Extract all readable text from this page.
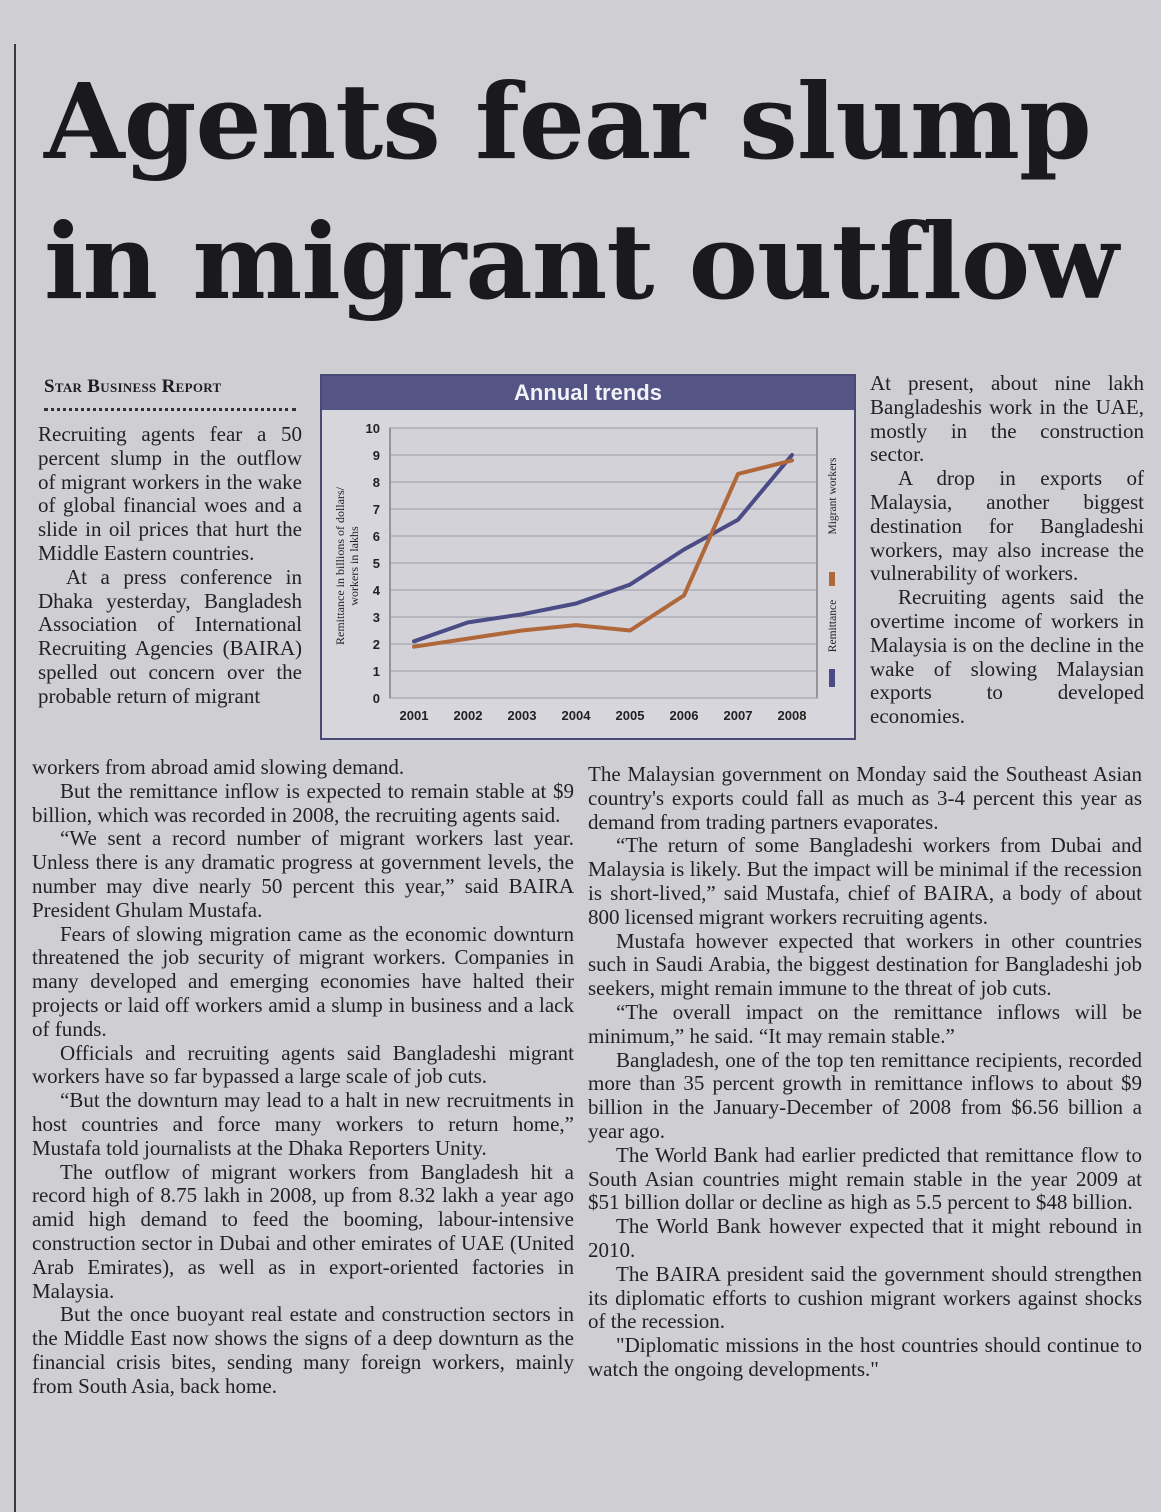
Agents fear slump
in migrant outflow
Star Business Report

Recruiting agents fear a 50 percent slump in the outflow of migrant workers in the wake of global financial woes and a slide in oil prices that hurt the Middle Eastern countries.

At a press conference in Dhaka yesterday, Bangladesh Association of International Recruiting Agencies (BAIRA) spelled out concern over the probable return of migrant

workers from abroad amid slowing demand.

But the remittance inflow is expected to remain stable at $9 billion, which was recorded in 2008, the recruiting agents said.

“We sent a record number of migrant workers last year. Unless there is any dramatic progress at government levels, the number may dive nearly 50 percent this year,” said BAIRA President Ghulam Mustafa.

Fears of slowing migration came as the economic downturn threatened the job security of migrant workers. Companies in many developed and emerging economies have halted their projects or laid off workers amid a slump in business and a lack of funds.

Officials and recruiting agents said Bangladeshi migrant workers have so far bypassed a large scale of job cuts.

“But the downturn may lead to a halt in new recruitments in host countries and force many workers to return home,” Mustafa told journalists at the Dhaka Reporters Unity.

The outflow of migrant workers from Bangladesh hit a record high of 8.75 lakh in 2008, up from 8.32 lakh a year ago amid high demand to feed the booming, labour-intensive construction sector in Dubai and other emirates of UAE (United Arab Emirates), as well as in export-oriented factories in Malaysia.

But the once buoyant real estate and construction sectors in the Middle East now shows the signs of a deep downturn as the financial crisis bites, sending many foreign workers, mainly from South Asia, back home.

At present, about nine lakh Bangladeshis work in the UAE, mostly in the construction sector.

A drop in exports of Malaysia, another biggest destination for Bangladeshi workers, may also increase the vulnerability of workers.

Recruiting agents said the overtime income of workers in Malaysia is on the decline in the wake of slowing Malaysian exports to developed economies.

The Malaysian government on Monday said the Southeast Asian country's exports could fall as much as 3-4 percent this year as demand from trading partners evaporates.

“The return of some Bangladeshi workers from Dubai and Malaysia is likely. But the impact will be minimal if the recession is short-lived,” said Mustafa, chief of BAIRA, a body of about 800 licensed migrant workers recruiting agents.

Mustafa however expected that workers in other countries such in Saudi Arabia, the biggest destination for Bangladeshi job seekers, might remain immune to the threat of job cuts.

“The overall impact on the remittance inflows will be minimum,” he said. “It may remain stable.”

Bangladesh, one of the top ten remittance recipients, recorded more than 35 percent growth in remittance inflows to about $9 billion in the January-December of 2008 from $6.56 billion a year ago.

The World Bank had earlier predicted that remittance flow to South Asian countries might remain stable in the year 2009 at $51 billion dollar or decline as high as 5.5 percent to $48 billion.

The World Bank however expected that it might rebound in 2010.

The BAIRA president said the government should strengthen its diplomatic efforts to cushion migrant workers against shocks of the recession.

"Diplomatic missions in the host countries should continue to watch the ongoing developments."

0
1
2
3
4
5
6
7
8
9
10
2001 2002 2003 2004 2005 2006 2007 2008
Remittance in billions of dollars/ workers in lakhs
Remittance
Migrant workers
Annual trends
